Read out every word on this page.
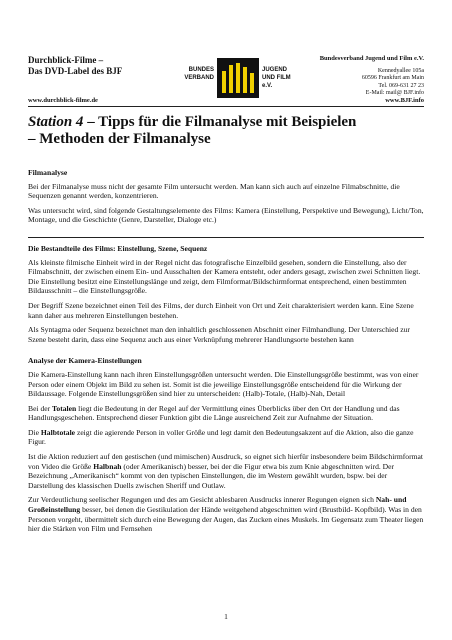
Durchblick-Filme –
Das DVD-Label des BJF	BUNDES
VERBAND
JUGEND
UND FILM e.V.
Bundesverband Jugend und Film e.V.
Kennedyallee 105a
60596 Frankfurt am Main
Tel. 069-631 27 23
E-Mail: mail@ BJF.info
www.durchblick-filme.de	www.BJF.info
Station 4 – Tipps für die Filmanalyse mit Beispielen
– Methoden der Filmanalyse
Filmanalyse
Bei der Filmanalyse muss nicht der gesamte Film untersucht werden. Man kann sich auch auf einzelne Filmabschnitte, die Sequenzen genannt werden, konzentrieren.
Was untersucht wird, sind folgende Gestaltungselemente des Films: Kamera (Einstellung, Perspektive und Bewegung), Licht/Ton, Montage, und die Geschichte (Genre, Darsteller, Dialoge etc.)
Die Bestandteile des Films: Einstellung, Szene, Sequenz
Als kleinste filmische Einheit wird in der Regel nicht das fotografische Einzelbild gesehen, sondern die Einstellung, also der Filmabschnitt, der zwischen einem Ein- und Ausschalten der Kamera entsteht, oder anders gesagt, zwischen zwei Schnitten liegt. Die Einstellung besitzt eine Einstellungslänge und zeigt, dem Filmformat/Bildschirmformat entsprechend, einen bestimmten Bildausschnitt – die Einstellungsgröße.
Der Begriff Szene bezeichnet einen Teil des Films, der durch Einheit von Ort und Zeit charakterisiert werden kann. Eine Szene kann daher aus mehreren Einstellungen bestehen.
Als Syntagma oder Sequenz bezeichnet man den inhaltlich geschlossenen Abschnitt einer Filmhandlung. Der Unterschied zur Szene besteht darin, dass eine Sequenz auch aus einer Verknüpfung mehrerer Handlungsorte bestehen kann
Analyse der Kamera-Einstellungen
Die Kamera-Einstellung kann nach ihren Einstellungsgrößen untersucht werden. Die Einstellungsgröße bestimmt, was von einer Person oder einem Objekt im Bild zu sehen ist. Somit ist die jeweilige Einstellungsgröße entscheidend für die Wirkung der Bildaussage. Folgende Einstellungsgrößen sind hier zu unterscheiden: (Halb)-Totale, (Halb)-Nah, Detail
Bei der Totalen liegt die Bedeutung in der Regel auf der Vermittlung eines Überblicks über den Ort der Handlung und das Handlungsgeschehen. Entsprechend dieser Funktion gibt die Länge ausreichend Zeit zur Aufnahme der Situation.
Die Halbtotale zeigt die agierende Person in voller Größe und legt damit den Bedeutungsakzent auf die Aktion, also die ganze Figur.
Ist die Aktion reduziert auf den gestischen (und mimischen) Ausdruck, so eignet sich hierfür insbesondere beim Bildschirmformat von Video die Größe Halbnah (oder Amerikanisch) besser, bei der die Figur etwa bis zum Knie abgeschnitten wird. Der Bezeichnung „Amerikanisch“ kommt von den typischen Einstellungen, die im Western gewählt wurden, bspw. bei der Darstellung des klassischen Duells zwischen Sheriff und Outlaw.
Zur Verdeutlichung seelischer Regungen und des am Gesicht ablesbaren Ausdrucks innerer Regungen eignen sich Nah- und Großeinstellung besser, bei denen die Gestikulation der Hände weitgehend abgeschnitten wird (Brustbild- Kopfbild). Was in den Personen vorgeht, übermittelt sich durch eine Bewegung der Augen, das Zucken eines Muskels. Im Gegensatz zum Theater liegen hier die Stärken von Film und Fernsehen
1
